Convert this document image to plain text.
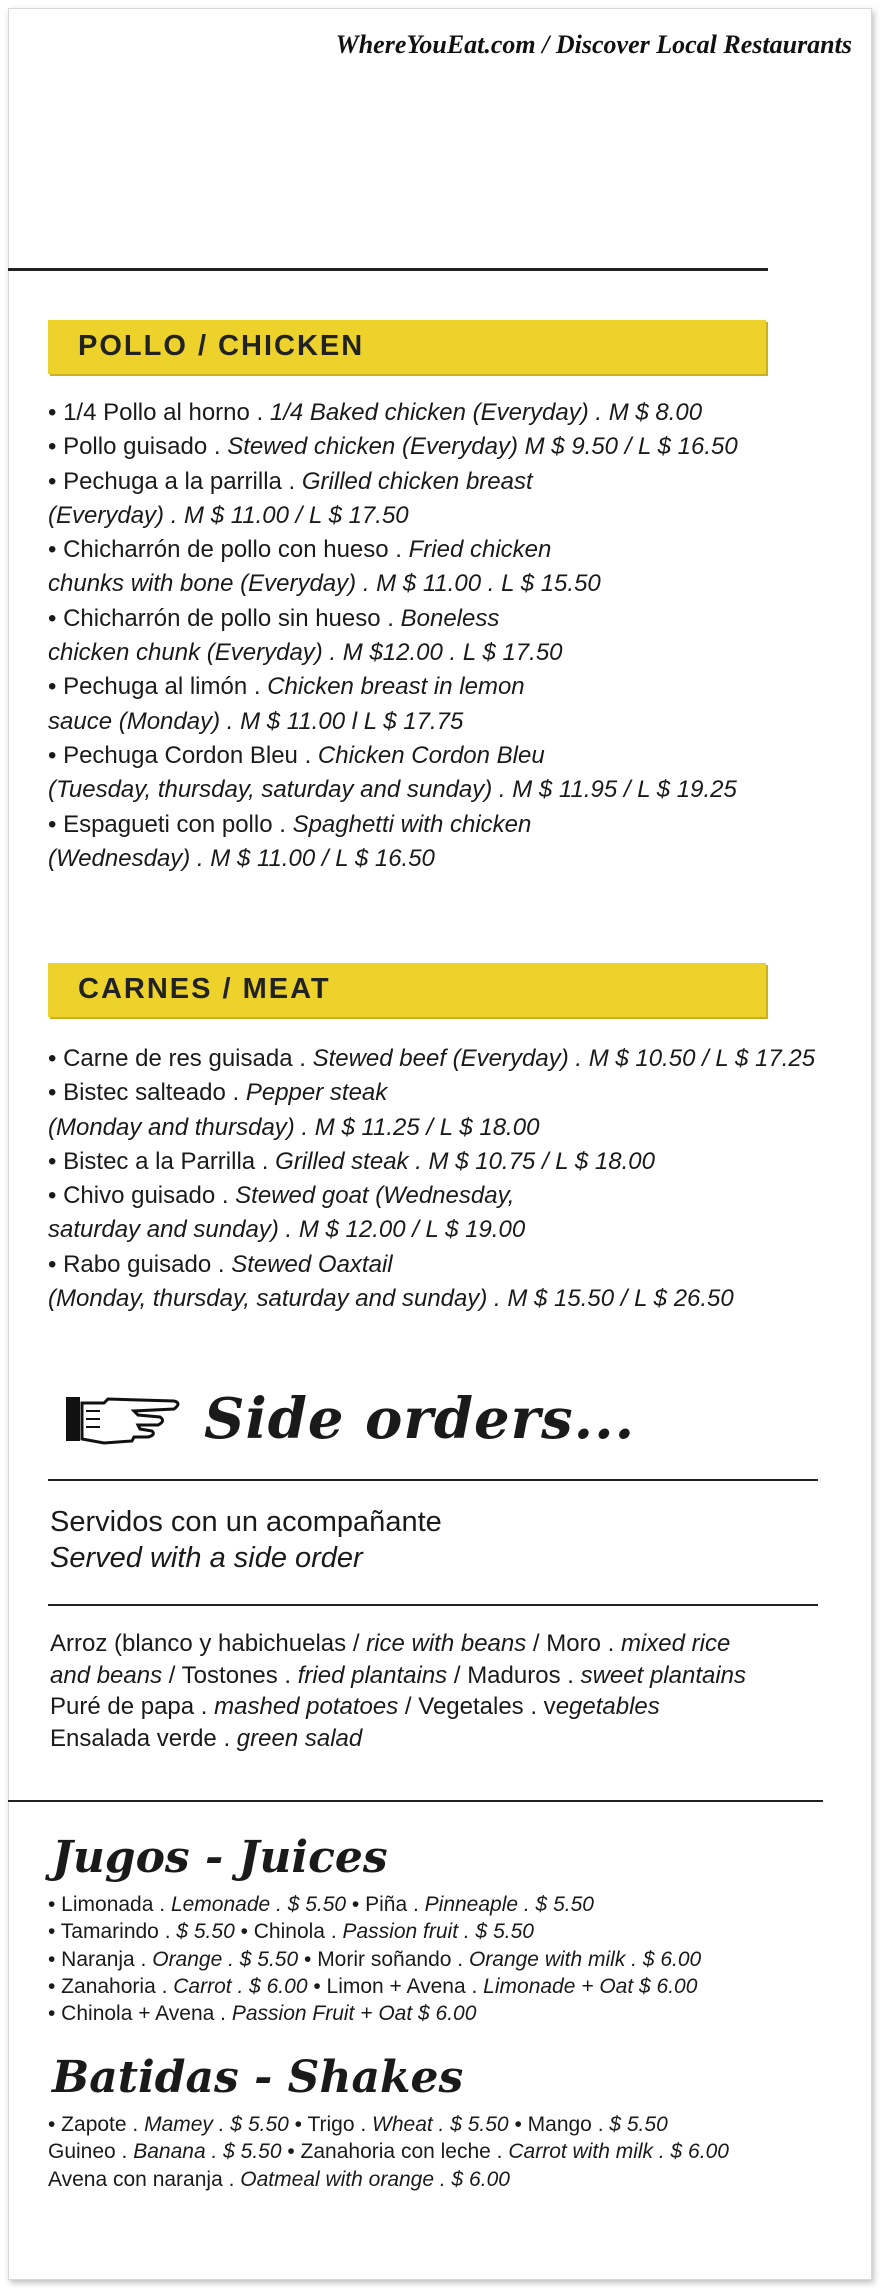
WhereYouEat.com / Discover Local Restaurants
POLLO / CHICKEN
• 1/4 Pollo al horno . 1/4 Baked chicken (Everyday) . M $ 8.00
• Pollo guisado . Stewed chicken (Everyday) M $ 9.50 / L $ 16.50
• Pechuga a la parrilla . Grilled chicken breast
(Everyday) . M $ 11.00 / L $ 17.50
• Chicharrón de pollo con hueso . Fried chicken
chunks with bone (Everyday) . M $ 11.00 . L $ 15.50
• Chicharrón de pollo sin hueso . Boneless
chicken chunk (Everyday) . M $12.00 . L $ 17.50
• Pechuga al limón . Chicken breast in lemon
sauce (Monday) . M $ 11.00 l L $ 17.75
• Pechuga Cordon Bleu . Chicken Cordon Bleu
(Tuesday, thursday, saturday and sunday) . M $ 11.95 / L $ 19.25
• Espagueti con pollo . Spaghetti with chicken
(Wednesday) . M $ 11.00 / L $ 16.50
CARNES / MEAT
• Carne de res guisada . Stewed beef (Everyday) . M $ 10.50 / L $ 17.25
• Bistec salteado . Pepper steak
(Monday and thursday) . M $ 11.25 / L $ 18.00
• Bistec a la Parrilla . Grilled steak . M $ 10.75 / L $ 18.00
• Chivo guisado . Stewed goat (Wednesday,
saturday and sunday) . M $ 12.00 / L $ 19.00
• Rabo guisado . Stewed Oaxtail
(Monday, thursday, saturday and sunday) . M $ 15.50 / L $ 26.50
Side orders...
Servidos con un acompañante
Served with a side order
Arroz (blanco y habichuelas / rice with beans / Moro . mixed rice
and beans / Tostones . fried plantains / Maduros . sweet plantains
Puré de papa . mashed potatoes / Vegetales . vegetables
Ensalada verde . green salad
Jugos - Juices
• Limonada . Lemonade . $ 5.50 • Piña . Pinneaple . $ 5.50
• Tamarindo . $ 5.50 • Chinola . Passion fruit . $ 5.50
• Naranja . Orange . $ 5.50 • Morir soñando . Orange with milk . $ 6.00
• Zanahoria . Carrot . $ 6.00 • Limon + Avena . Limonade + Oat $ 6.00
• Chinola + Avena . Passion Fruit + Oat $ 6.00
Batidas - Shakes
• Zapote . Mamey . $ 5.50 • Trigo . Wheat . $ 5.50 • Mango . $ 5.50
Guineo . Banana . $ 5.50 • Zanahoria con leche . Carrot with milk . $ 6.00
Avena con naranja . Oatmeal with orange . $ 6.00
